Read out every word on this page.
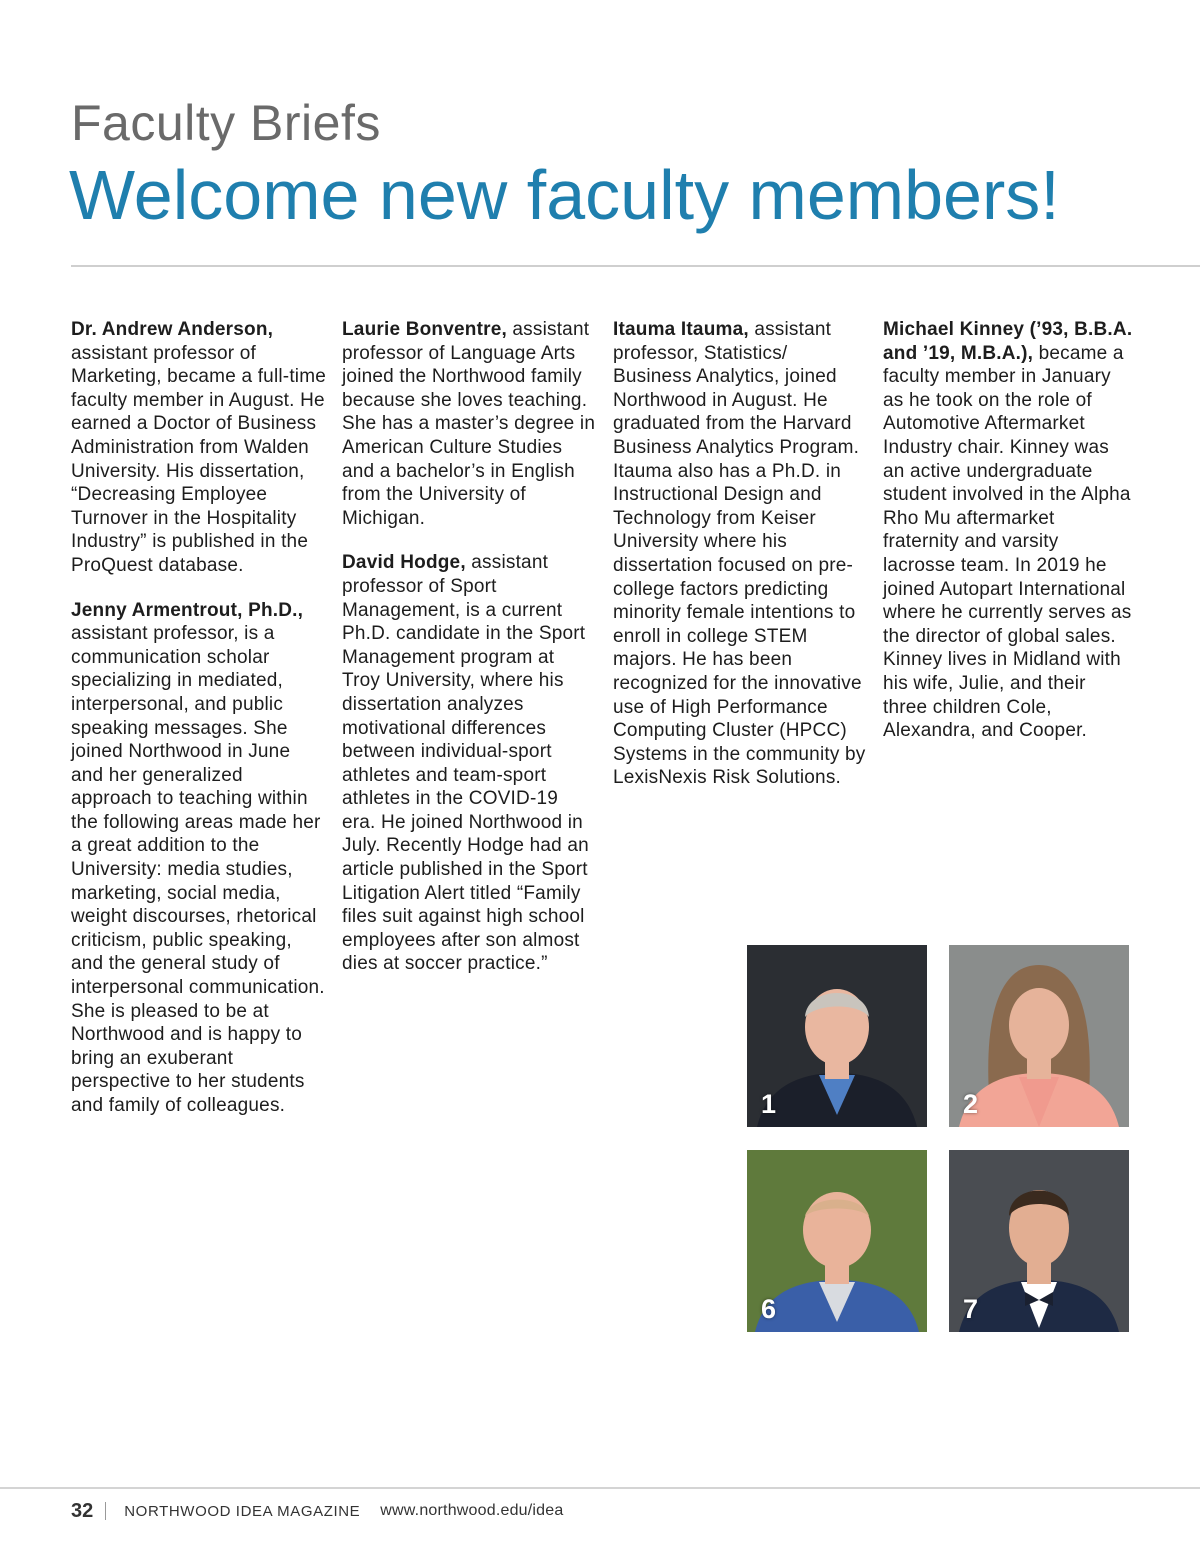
Faculty Briefs
Welcome new faculty members!

Dr. Andrew Anderson, assistant professor of Marketing, became a full-time faculty member in August. He earned a Doctor of Business Administration from Walden University. His dissertation, “Decreasing Employee Turnover in the Hospitality Industry” is published in the ProQuest database.

Jenny Armentrout, Ph.D., assistant professor, is a communication scholar specializing in mediated, interpersonal, and public speaking messages. She joined Northwood in June and her generalized approach to teaching within the following areas made her a great addition to the University: media studies, marketing, social media, weight discourses, rhetorical criticism, public speaking, and the general study of interpersonal communication. She is pleased to be at Northwood and is happy to bring an exuberant perspective to her students and family of colleagues.

Laurie Bonventre, assistant professor of Language Arts joined the Northwood family because she loves teaching. She has a master’s degree in American Culture Studies and a bachelor’s in English from the University of Michigan.

David Hodge, assistant professor of Sport Management, is a current Ph.D. candidate in the Sport Management program at Troy University, where his dissertation analyzes motivational differences between individual-sport athletes and team-sport athletes in the COVID-19 era. He joined Northwood in July. Recently Hodge had an article published in the Sport Litigation Alert titled “Family files suit against high school employees after son almost dies at soccer practice.”

Itauma Itauma, assistant professor, Statistics/ Business Analytics, joined Northwood in August. He graduated from the Harvard Business Analytics Program. Itauma also has a Ph.D. in Instructional Design and Technology from Keiser University where his dissertation focused on pre-college factors predicting minority female intentions to enroll in college STEM majors. He has been recognized for the innovative use of High Performance Computing Cluster (HPCC) Systems in the community by LexisNexis Risk Solutions.

Michael Kinney (’93, B.B.A. and ’19, M.B.A.), became a faculty member in January as he took on the role of Automotive Aftermarket Industry chair. Kinney was an active undergraduate student involved in the Alpha Rho Mu aftermarket fraternity and varsity lacrosse team. In 2019 he joined Autopart International where he currently serves as the director of global sales. Kinney lives in Midland with his wife, Julie, and their three children Cole, Alexandra, and Cooper.

1	2
6	7
32 NORTHWOOD IDEA MAGAZINE www.northwood.edu/idea
